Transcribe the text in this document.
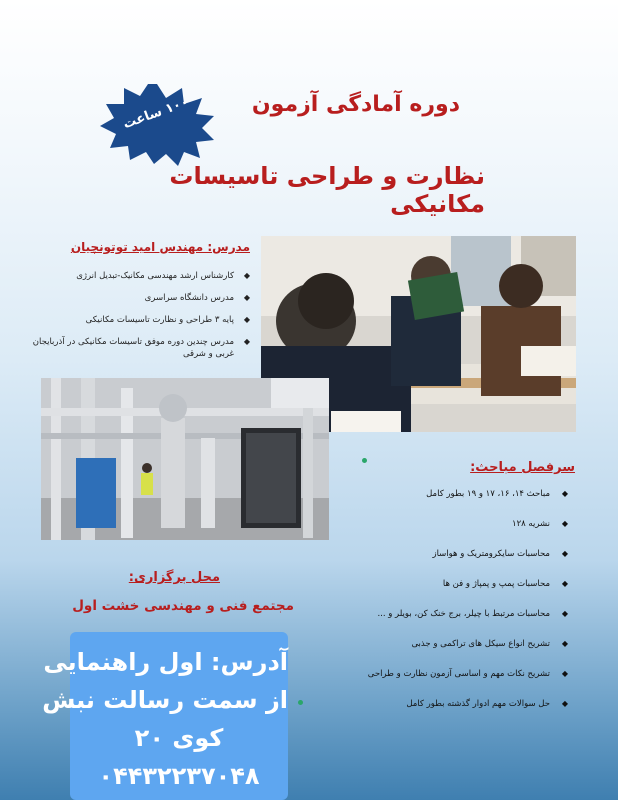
۱۰۰ ساعت	دوره آمادگی آزمون
نظارت و طراحی تاسیسات مکانیکی
مدرس: مهندس امید توتونچیان
◆ کارشناس ارشد مهندسی مکانیک-تبدیل انرژی
◆ مدرس دانشگاه سراسری
◆ پایه ۳ طراحی و نظارت تاسیسات مکانیکی
◆ مدرس چندین دوره موفق تاسیسات مکانیکی در آذربایجان غربی و شرقی
سرفصل مباحث:
◆ مباحث ۱۴، ۱۶، ۱۷ و ۱۹ بطور کامل
◆ نشریه ۱۲۸
◆ محاسبات سایکرومتریک و هواساز
◆ محاسبات پمپ و پمپاژ و فن ها
◆ محاسبات مرتبط با چیلر، برج خنک کن، بویلر و ...
◆ تشریح انواع سیکل های تراکمی و جذبی
◆ تشریح نکات مهم و اساسی آزمون نظارت و طراحی
◆ حل سوالات مهم ادوار گذشته بطور کامل
محل برگزاری:
مجتمع فنی و مهندسی خشت اول
آدرس: اول راهنمایی
از سمت رسالت نبش
کوی ۲۰
۰۴۴۳۲۲۳۷۰۴۸
